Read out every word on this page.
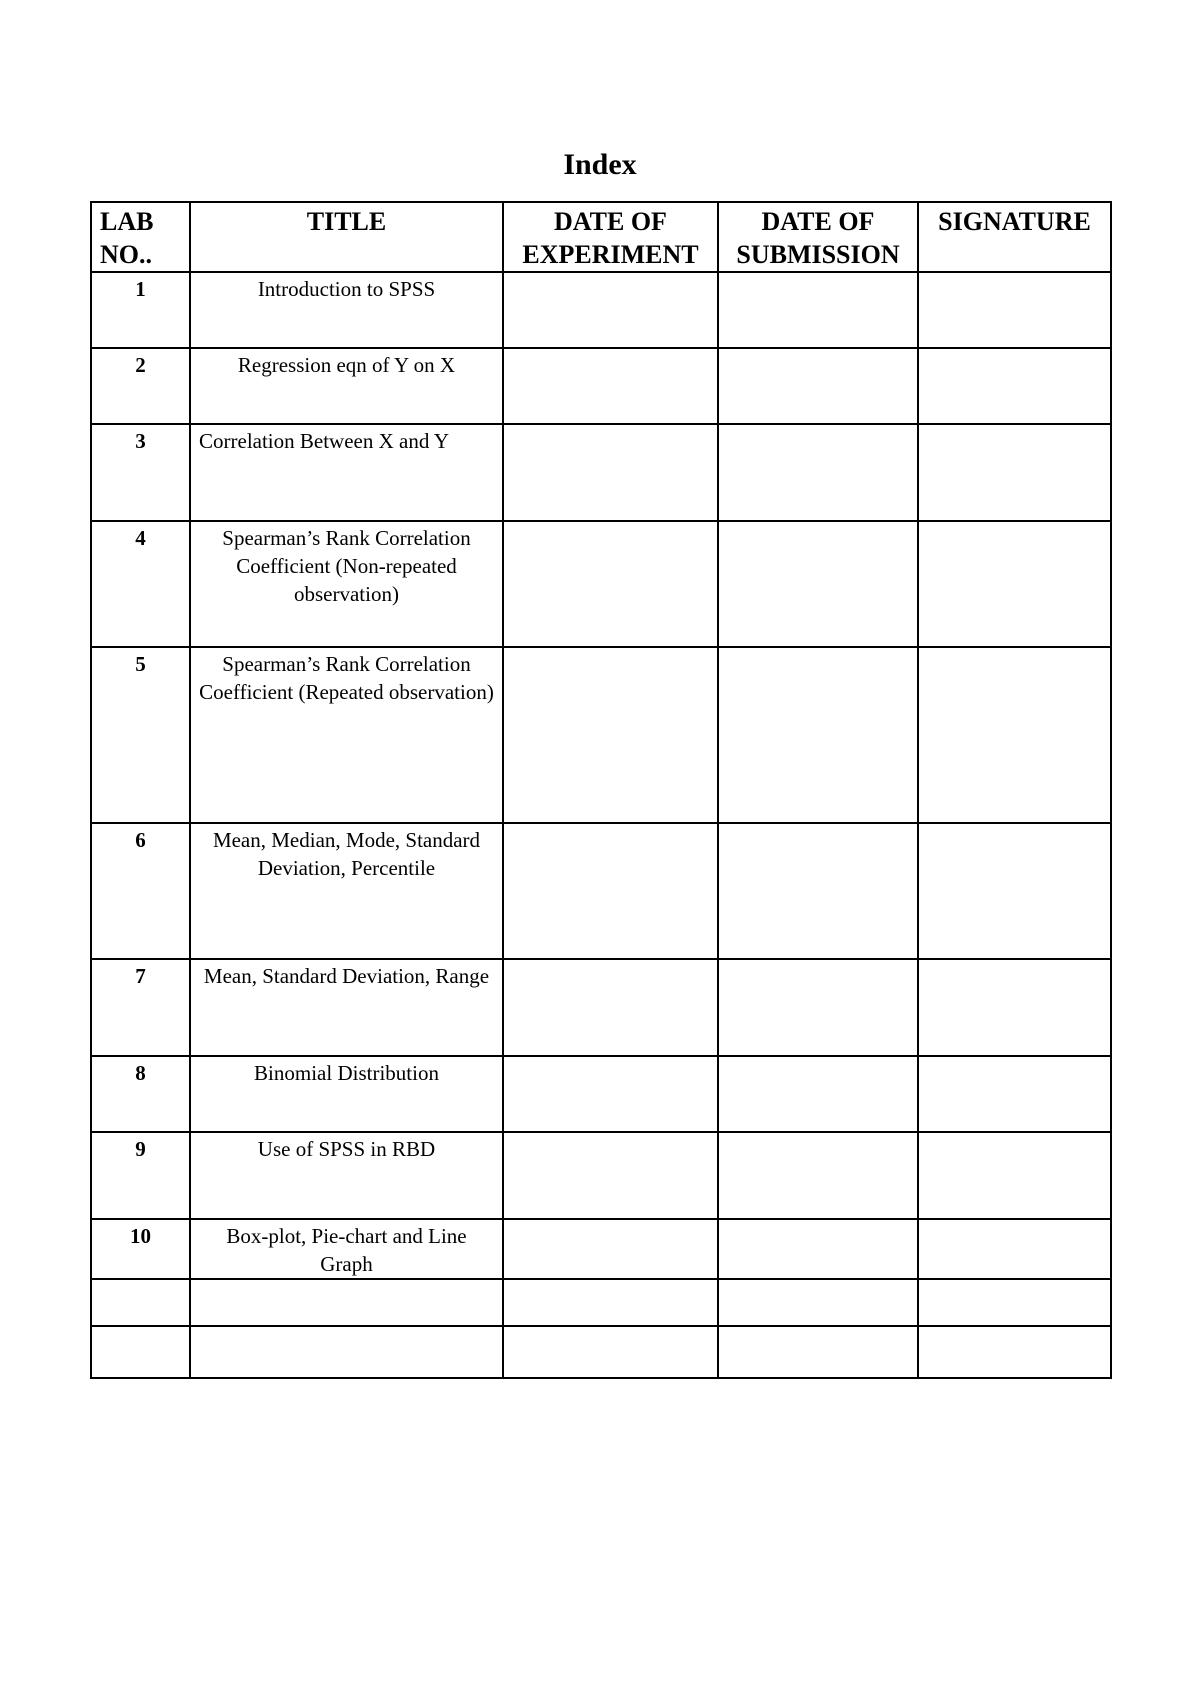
Index
LAB NO..	TITLE	DATE OF EXPERIMENT	DATE OF SUBMISSION	SIGNATURE
1	Introduction to SPSS			
2	Regression eqn of Y on X			
3	Correlation Between X and Y			
4	Spearman’s Rank Correlation Coefficient (Non-repeated observation)			
5	Spearman’s Rank Correlation Coefficient (Repeated observation)			
6	Mean, Median, Mode, Standard Deviation, Percentile			
7	Mean, Standard Deviation, Range			
8	Binomial Distribution			
9	Use of SPSS in RBD			
10	Box-plot, Pie-chart and Line Graph			
